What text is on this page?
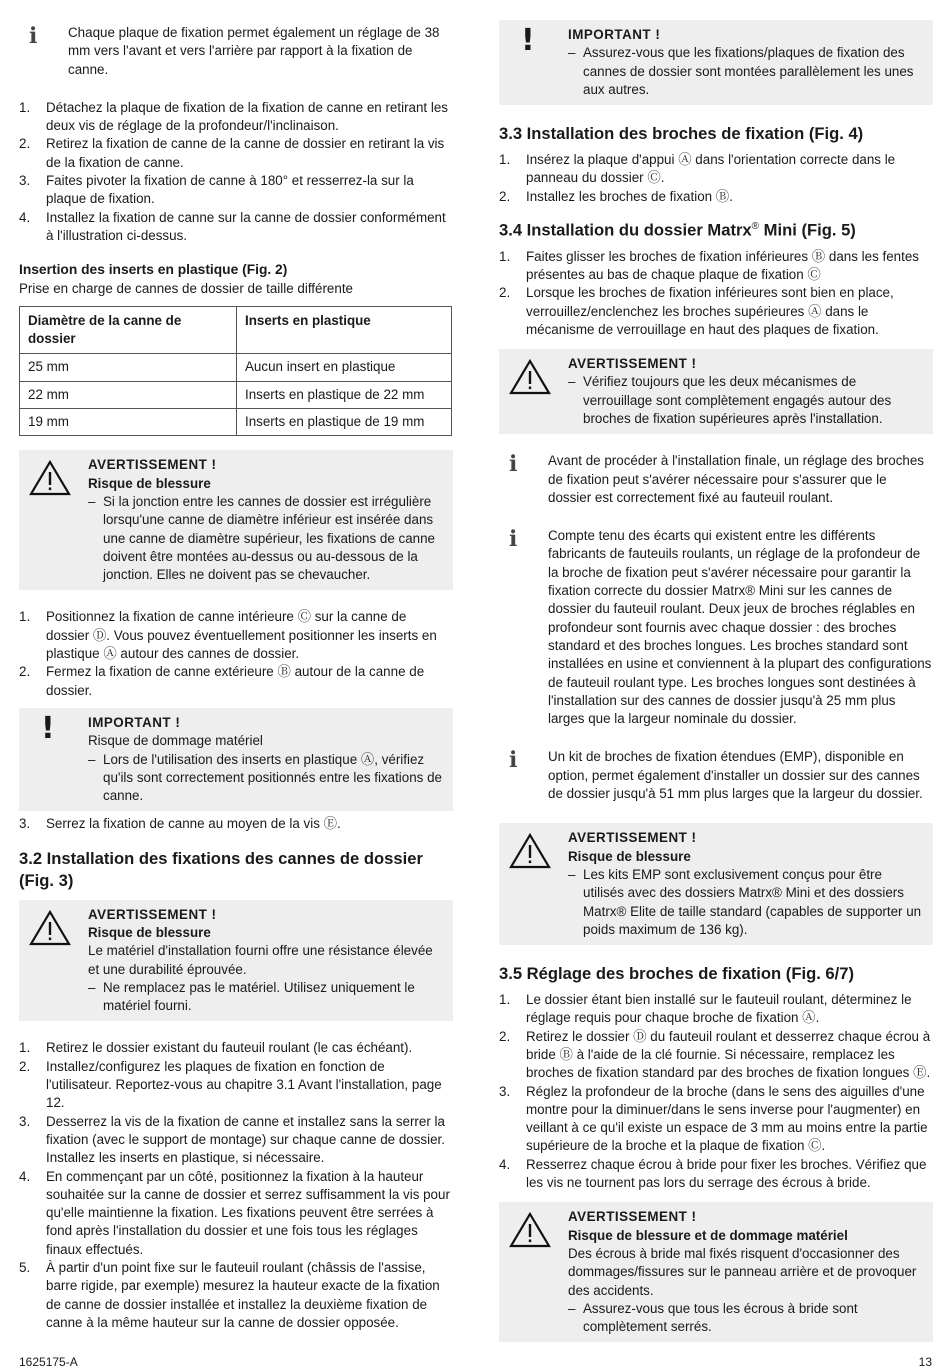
ℹ Chaque plaque de fixation permet également un réglage de 38 mm vers l'avant et vers l'arrière par rapport à la fixation de canne.
1. Détachez la plaque de fixation de la fixation de canne en retirant les deux vis de réglage de la profondeur/l'inclinaison.
2. Retirez la fixation de canne de la canne de dossier en retirant la vis de la fixation de canne.
3. Faites pivoter la fixation de canne à 180° et resserrez-la sur la plaque de fixation.
4. Installez la fixation de canne sur la canne de dossier conformément à l'illustration ci-dessus.
Insertion des inserts en plastique (Fig. 2)

Prise en charge de cannes de dossier de taille différente

Diamètre de la canne de dossier	Inserts en plastique
25 mm	Aucun insert en plastique
22 mm	Inserts en plastique de 22 mm
19 mm	Inserts en plastique de 19 mm
AVERTISSEMENT !
Risque de blessure
– Si la jonction entre les cannes de dossier est irrégulière lorsqu'une canne de diamètre inférieur est insérée dans une canne de diamètre supérieur, les fixations de canne doivent être montées au-dessus ou au-dessous de la jonction. Elles ne doivent pas se chevaucher.
1. Positionnez la fixation de canne intérieure Ⓒ sur la canne de dossier Ⓓ. Vous pouvez éventuellement positionner les inserts en plastique Ⓐ autour des cannes de dossier.
2. Fermez la fixation de canne extérieure Ⓑ autour de la canne de dossier.
! IMPORTANT !
Risque de dommage matériel
– Lors de l'utilisation des inserts en plastique Ⓐ, vérifiez qu'ils sont correctement positionnés entre les fixations de canne.
3. Serrez la fixation de canne au moyen de la vis Ⓔ.
3.2 Installation des fixations des cannes de dossier (Fig. 3)
AVERTISSEMENT !
Risque de blessure
Le matériel d'installation fourni offre une résistance élevée et une durabilité éprouvée.
– Ne remplacez pas le matériel. Utilisez uniquement le matériel fourni.
1. Retirez le dossier existant du fauteuil roulant (le cas échéant).
2. Installez/configurez les plaques de fixation en fonction de l'utilisateur. Reportez-vous au chapitre 3.1 Avant l'installation, page 12.
3. Desserrez la vis de la fixation de canne et installez sans la serrer la fixation (avec le support de montage) sur chaque canne de dossier. Installez les inserts en plastique, si nécessaire.
4. En commençant par un côté, positionnez la fixation à la hauteur souhaitée sur la canne de dossier et serrez suffisamment la vis pour qu'elle maintienne la fixation. Les fixations peuvent être serrées à fond après l'installation du dossier et une fois tous les réglages finaux effectués.
5. À partir d'un point fixe sur le fauteuil roulant (châssis de l'assise, barre rigide, par exemple) mesurez la hauteur exacte de la fixation de canne de dossier installée et installez la deuxième fixation de canne à la même hauteur sur la canne de dossier opposée.
! IMPORTANT !
– Assurez-vous que les fixations/plaques de fixation des cannes de dossier sont montées parallèlement les unes aux autres.
3.3 Installation des broches de fixation (Fig. 4)
1. Insérez la plaque d'appui Ⓐ dans l'orientation correcte dans le panneau du dossier Ⓒ.
2. Installez les broches de fixation Ⓑ.
3.4 Installation du dossier Matrx® Mini (Fig. 5)
1. Faites glisser les broches de fixation inférieures Ⓑ dans les fentes présentes au bas de chaque plaque de fixation Ⓒ
2. Lorsque les broches de fixation inférieures sont bien en place, verrouillez/enclenchez les broches supérieures Ⓐ dans le mécanisme de verrouillage en haut des plaques de fixation.
AVERTISSEMENT !
– Vérifiez toujours que les deux mécanismes de verrouillage sont complètement engagés autour des broches de fixation supérieures après l'installation.
ℹ Avant de procéder à l'installation finale, un réglage des broches de fixation peut s'avérer nécessaire pour s'assurer que le dossier est correctement fixé au fauteuil roulant.
ℹ Compte tenu des écarts qui existent entre les différents fabricants de fauteuils roulants, un réglage de la profondeur de la broche de fixation peut s'avérer nécessaire pour garantir la fixation correcte du dossier Matrx® Mini sur les cannes de dossier du fauteuil roulant. Deux jeux de broches réglables en profondeur sont fournis avec chaque dossier : des broches standard et des broches longues. Les broches standard sont installées en usine et conviennent à la plupart des configurations de fauteuil roulant type. Les broches longues sont destinées à l'installation sur des cannes de dossier jusqu'à 25 mm plus larges que la largeur nominale du dossier.
ℹ Un kit de broches de fixation étendues (EMP), disponible en option, permet également d'installer un dossier sur des cannes de dossier jusqu'à 51 mm plus larges que la largeur du dossier.
AVERTISSEMENT !
Risque de blessure
– Les kits EMP sont exclusivement conçus pour être utilisés avec des dossiers Matrx® Mini et des dossiers Matrx® Elite de taille standard (capables de supporter un poids maximum de 136 kg).
3.5 Réglage des broches de fixation (Fig. 6/7)
1. Le dossier étant bien installé sur le fauteuil roulant, déterminez le réglage requis pour chaque broche de fixation Ⓐ.
2. Retirez le dossier Ⓓ du fauteuil roulant et desserrez chaque écrou à bride Ⓑ à l'aide de la clé fournie. Si nécessaire, remplacez les broches de fixation standard par des broches de fixation longues Ⓔ.
3. Réglez la profondeur de la broche (dans le sens des aiguilles d'une montre pour la diminuer/dans le sens inverse pour l'augmenter) en veillant à ce qu'il existe un espace de 3 mm au moins entre la partie supérieure de la broche et la plaque de fixation Ⓒ.
4. Resserrez chaque écrou à bride pour fixer les broches. Vérifiez que les vis ne tournent pas lors du serrage des écrous à bride.
AVERTISSEMENT !
Risque de blessure et de dommage matériel
Des écrous à bride mal fixés risquent d'occasionner des dommages/fissures sur le panneau arrière et de provoquer des accidents.
– Assurez-vous que tous les écrous à bride sont complètement serrés.
1625175-A	13
